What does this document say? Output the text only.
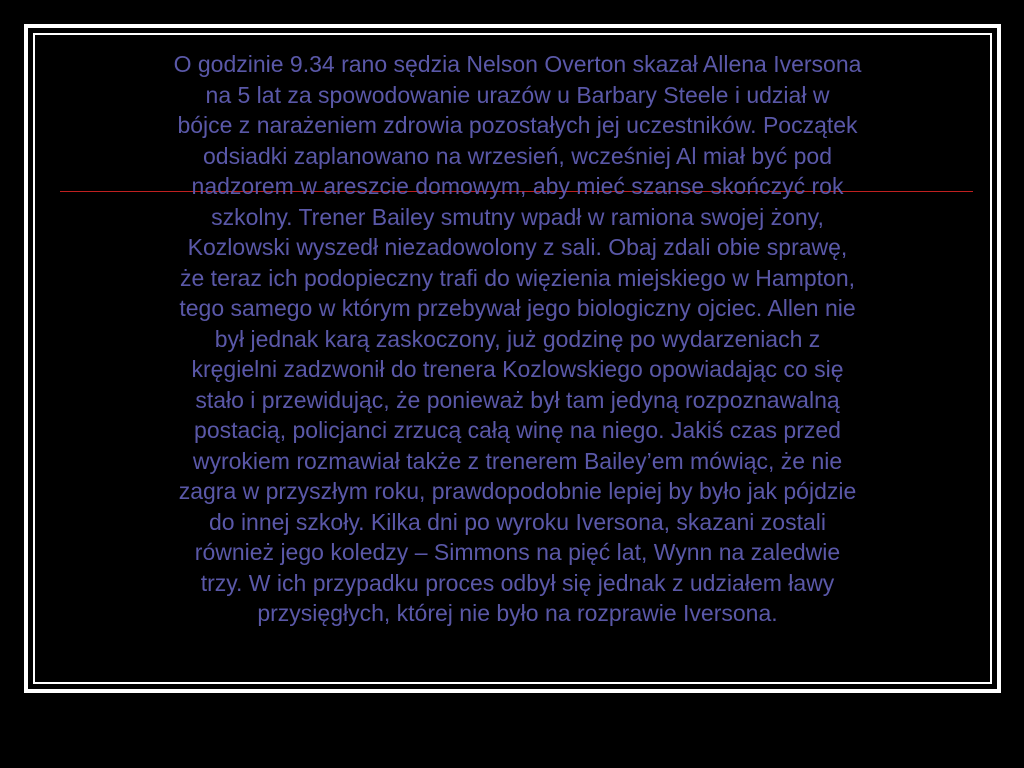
O godzinie 9.34 rano sędzia Nelson Overton skazał Allena Iversona
na 5 lat za spowodowanie urazów u Barbary Steele i udział w
bójce z narażeniem zdrowia pozostałych jej uczestników. Początek
odsiadki zaplanowano na wrzesień, wcześniej Al miał być pod
nadzorem w areszcie domowym, aby mieć szanse skończyć rok
szkolny. Trener Bailey smutny wpadł w ramiona swojej żony,
Kozlowski wyszedł niezadowolony z sali. Obaj zdali obie sprawę,
że teraz ich podopieczny trafi do więzienia miejskiego w Hampton,
tego samego w którym przebywał jego biologiczny ojciec. Allen nie
był jednak karą zaskoczony, już godzinę po wydarzeniach z
kręgielni zadzwonił do trenera Kozlowskiego opowiadając co się
stało i przewidując, że ponieważ był tam jedyną rozpoznawalną
postacią, policjanci zrzucą całą winę na niego. Jakiś czas przed
wyrokiem rozmawiał także z trenerem Bailey’em mówiąc, że nie
zagra w przyszłym roku, prawdopodobnie lepiej by było jak pójdzie
do innej szkoły. Kilka dni po wyroku Iversona, skazani zostali
również jego koledzy – Simmons na pięć lat, Wynn na zaledwie
trzy. W ich przypadku proces odbył się jednak z udziałem ławy
przysięgłych, której nie było na rozprawie Iversona.
